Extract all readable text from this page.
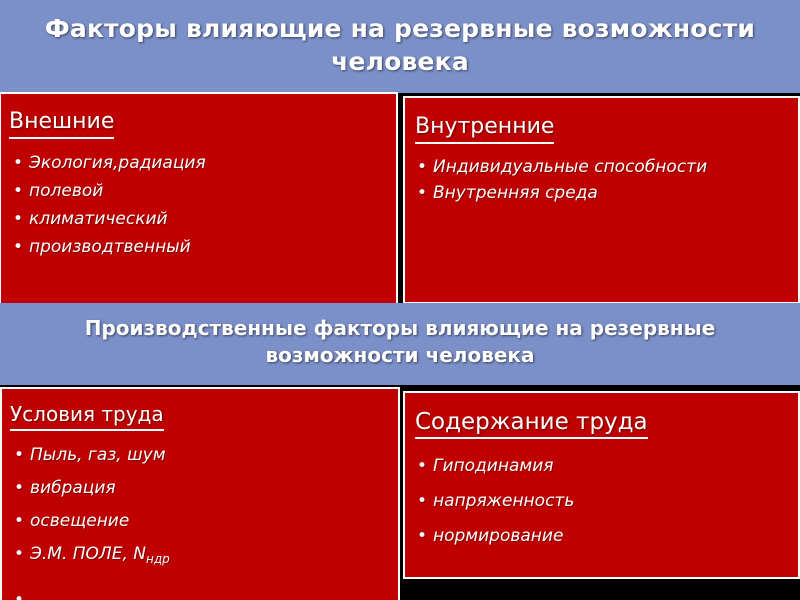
Факторы влияющие на резервные возможности человека
Внешние
• Экология,радиация
• полевой
• климатический
• производтвенный
Внутренние
• Индивидуальные способности
• Внутренняя среда
Производственные факторы влияющие на резервные возможности человека
Условия труда
• Пыль, газ, шум
• вибрация
• освещение
• Э.М. ПОЛЕ, $N_{ндр}$
•
Содержание труда
• Гиподинамия
• напряженность
• нормирование
